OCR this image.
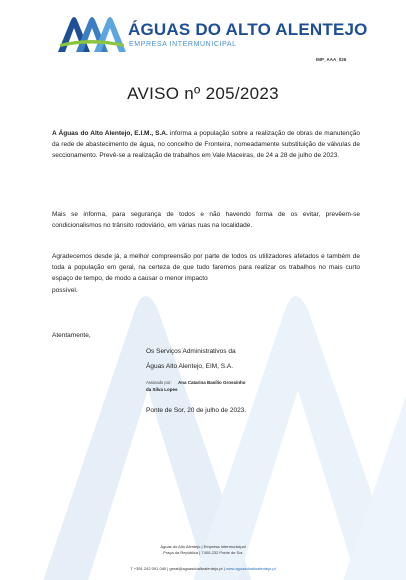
ÁGUAS DO ALTO ALENTEJO
EMPRESA INTERMUNICIPAL
IMP_AAA_026
AVISO nº 205/2023

A Águas do Alto Alentejo, E.I.M., S.A. informa a população sobre a realização de obras de manutenção da rede de abastecimento de água, no concelho de Fronteira, nomeadamente substituição de válvulas de seccionamento. Prevê-se a realização de trabalhos em Vale Maceiras, de 24 a 28 de julho de 2023.

Mais se informa, para segurança de todos e não havendo forma de os evitar, prevêem-se condicionalismos no trânsito rodoviário, em várias ruas na localidade.

Agradecemos desde já, a melhor compreensão por parte de todos os utilizadores afetados e também de toda a população em geral, na certeza de que tudo faremos para realizar os trabalhos no mais curto espaço de tempo, de modo a causar o menor impacto
possível.

Atentamente,
Os Serviços Administrativos da
Águas Alto Alentejo, EIM, S.A.
Assinado por: Ana Catarina Basílio Grossinho
da Silva Lopes
Ponte de Sor, 20 de julho de 2023.
Águas do Alto Alentejo | Empresa Intermunicipal
Praça da República | 7400-232 Ponte de Sor
T +351 242 001 040 | geral@aguasdoaltoalentejo.pt | www.aguasdoaltoalentejo.pt
